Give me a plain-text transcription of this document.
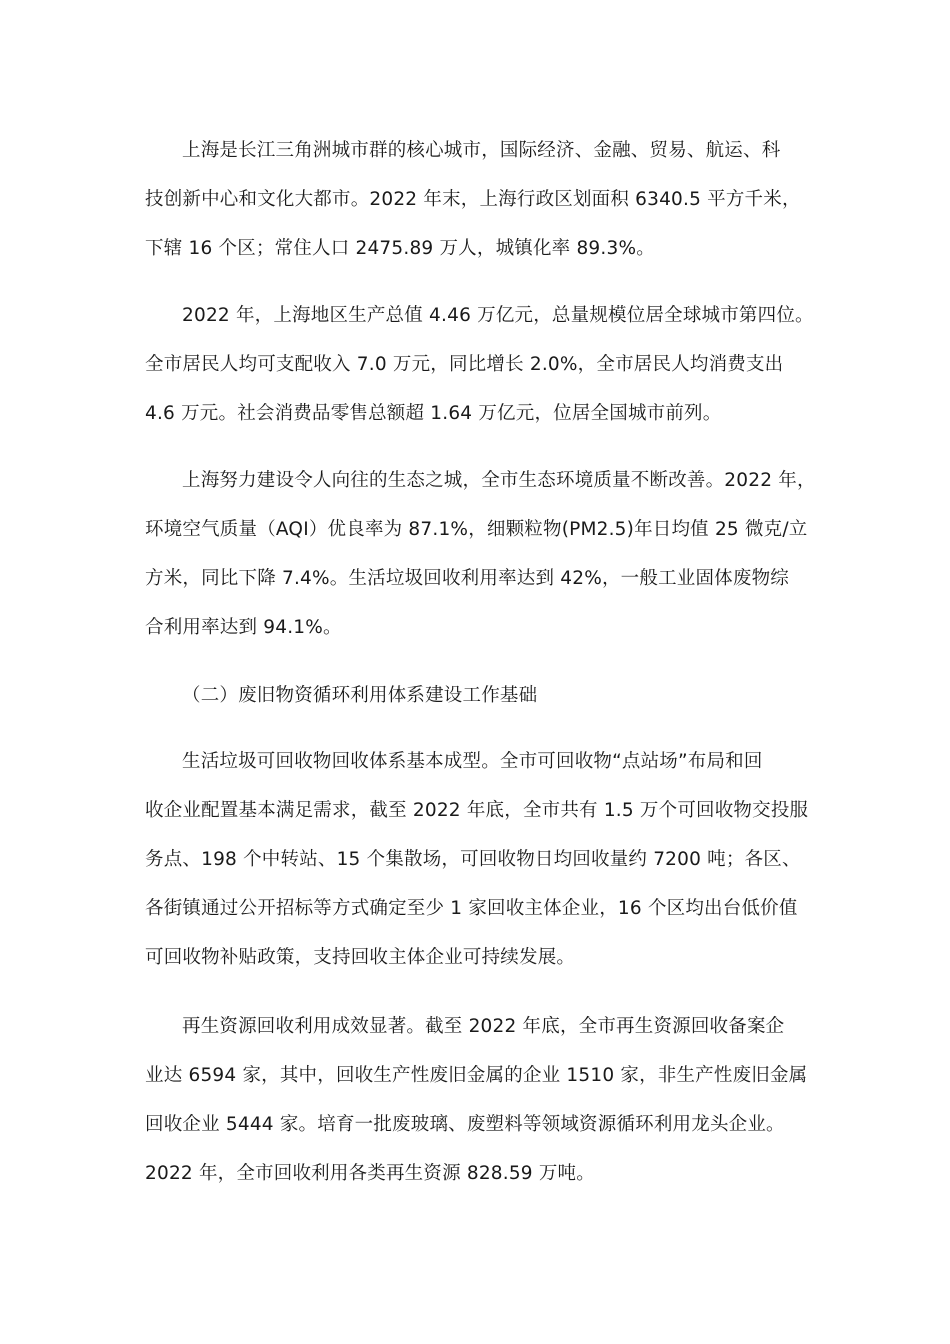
上海是长江三角洲城市群的核心城市，国际经济、金融、贸易、航运、科
技创新中心和文化大都市。2022 年末，上海行政区划面积 6340.5 平方千米，
下辖 16 个区；常住人口 2475.89 万人，城镇化率 89.3%。
2022 年，上海地区生产总值 4.46 万亿元，总量规模位居全球城市第四位。
全市居民人均可支配收入 7.0 万元，同比增长 2.0%，全市居民人均消费支出
4.6 万元。社会消费品零售总额超 1.64 万亿元，位居全国城市前列。
上海努力建设令人向往的生态之城，全市生态环境质量不断改善。2022 年，
环境空气质量（AQI）优良率为 87.1%，细颗粒物(PM2.5)年日均值 25 微克/立
方米，同比下降 7.4%。生活垃圾回收利用率达到 42%，一般工业固体废物综
合利用率达到 94.1%。
（二）废旧物资循环利用体系建设工作基础
生活垃圾可回收物回收体系基本成型。全市可回收物“点站场”布局和回
收企业配置基本满足需求，截至 2022 年底，全市共有 1.5 万个可回收物交投服
务点、198 个中转站、15 个集散场，可回收物日均回收量约 7200 吨；各区、
各街镇通过公开招标等方式确定至少 1 家回收主体企业，16 个区均出台低价值
可回收物补贴政策，支持回收主体企业可持续发展。
再生资源回收利用成效显著。截至 2022 年底，全市再生资源回收备案企
业达 6594 家，其中，回收生产性废旧金属的企业 1510 家，非生产性废旧金属
回收企业 5444 家。培育一批废玻璃、废塑料等领域资源循环利用龙头企业。
2022 年，全市回收利用各类再生资源 828.59 万吨。
